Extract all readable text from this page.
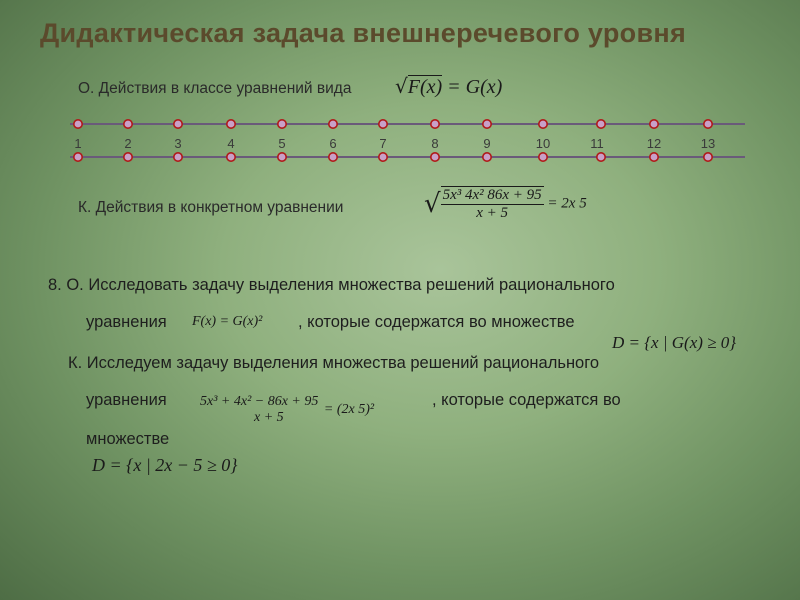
Дидактическая задача внешнеречевого уровня
О. Действия в классе уравнений вида √F(x) = G(x)
1	2	3	4	5	6	7	8	9	10	11	12	13
К. Действия в конкретном уравнении	√ $\frac{\text{5x³ 4x² 86x + 95}}{x + 5} = 2x$ 5
8. О. Исследовать задачу выделения множества решений рационального
уравнения F(x) = G(x)² , которые содержатся во множестве
D = {x | G(x) ≥ 0}
К. Исследуем задачу выделения множества решений рационального
уравнения 5x³ + 4x² − 86x + 95
x + 5
= (2x 5)²
, которые содержатся во
множестве
D = {x | 2x − 5 ≥ 0}
